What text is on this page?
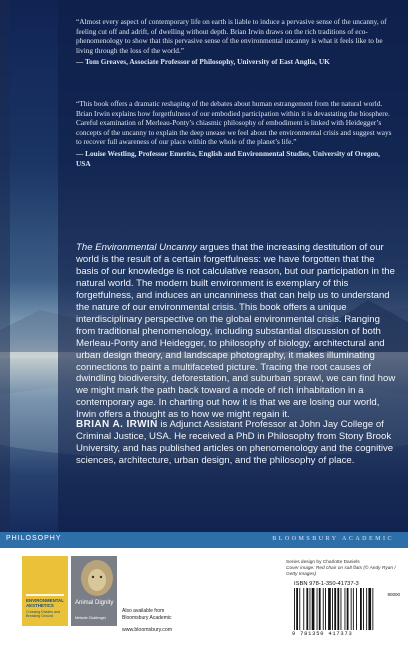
“Almost every aspect of contemporary life on earth is liable to induce a pervasive sense of the uncanny, of feeling cut off and adrift, of dwelling without depth. Brian Irwin draws on the rich traditions of eco-phenomenology to show that this pervasive sense of the environmental uncanny is what it feels like to be living through the loss of the world.”

— Tom Greaves, Associate Professor of Philosophy, University of East Anglia, UK

“This book offers a dramatic reshaping of the debates about human estrangement from the natural world. Brian Irwin explains how forgetfulness of our embodied participation within it is devastating the biosphere. Careful examination of Merleau-Ponty’s chiasmic philosophy of embodiment is linked with Heidegger’s concepts of the uncanny to explain the deep unease we feel about the environmental crisis and suggest ways to recover full awareness of our place within the whole of the planet’s life.”

— Louise Westling, Professor Emerita, English and Environmental Studies, University of Oregon, USA

The Environmental Uncanny argues that the increasing destitution of our world is the result of a certain forgetfulness: we have forgotten that the basis of our knowledge is not calculative reason, but our participation in the natural world. The modern built environment is exemplary of this forgetfulness, and induces an uncanniness that can help us to understand the nature of our environmental crisis. This book offers a unique interdisciplinary perspective on the global environmental crisis. Ranging from traditional phenomenology, including substantial discussion of both Merleau-Ponty and Heidegger, to philosophy of biology, architectural and urban design theory, and landscape photography, it makes illuminating connections to paint a multifaceted picture. Tracing the root causes of dwindling biodiversity, deforestation, and suburban sprawl, we can find how we might mark the path back toward a mode of rich inhabitation in a contemporary age. In charting out how it is that we are losing our world, Irwin offers a thought as to how we might regain it.

BRIAN A. IRWIN is Adjunct Assistant Professor at John Jay College of Criminal Justice, USA. He received a PhD in Philosophy from Stony Brook University, and has published articles on phenomenology and the cognitive sciences, architecture, urban design, and the philosophy of place.

PHILOSOPHY	BLOOMSBURY ACADEMIC

ENVIRONMENTAL AESTHETICS
Crossing Divides and Breaking Ground
Animal Dignity
Melanie Challenger

Also available from Bloomsbury Academic

www.bloomsbury.com

Series design by Charlotte Daniels

Cover image: Red chair on salt flats (© Andy Ryan / Getty Images)

ISBN 978-1-350-41737-3

90000

9 781350 417373
